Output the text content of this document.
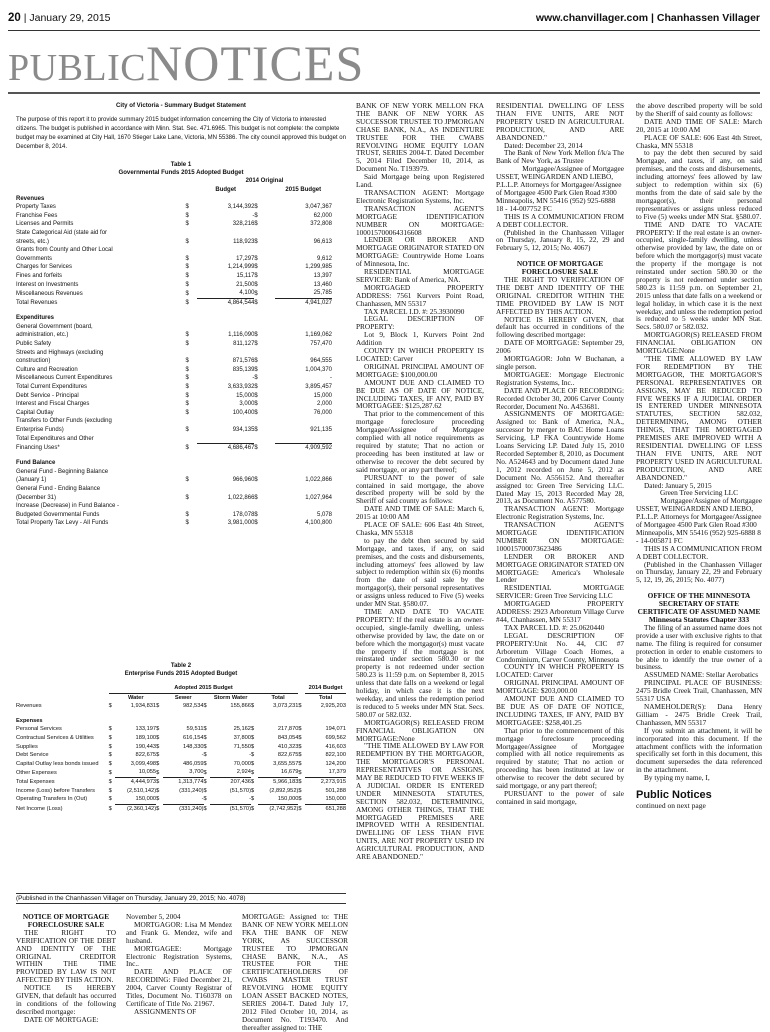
20 | January 29, 2015	www.chanvillager.com | Chanhassen Villager
PUBLICNOTICES
City of Victoria - Summary Budget Statement
The purpose of this report it to provide summary 2015 budget information concerning the City of Victoria to interested citizens. The budget is published in accordance with Minn. Stat. Sec. 471.6965. This budget is not complete: the complete budget may be examined at City Hall, 1670 Stieger Lake Lane, Victoria, MN 55386. The city council approved this budget on December 8, 2014.
Table 1
Governmental Funds 2015 Adopted Budget
		2014 Original		
		Budget		2015 Budget
Revenues				
Property Taxes	$	3,144,392	$	3,047,367
Franchise Fees	$	-	$	62,000
Licenses and Permits	$	328,216	$	372,808
State Categorical Aid (state aid for				
streets, etc.)	$	118,923	$	96,613
Grants from County and Other Local				
Governments	$	17,297	$	9,612
Charges for Services	$	1,214,999	$	1,299,985
Fines and forfeits	$	15,117	$	13,397
Interest on Investments	$	21,500	$	13,460
Miscellaneous Revenues	$	4,100	$	25,785
Total Revenues	$	4,864,544	$	4,941,027
Expenditures				
General Government (board,				
administration, etc.)	$	1,116,090	$	1,169,062
Public Safety	$	811,127	$	757,470
Streets and Highways (excluding				
construction)	$	871,576	$	964,555
Culture and Recreation	$	835,139	$	1,004,370
Miscellaneous Current Expenditures	$	-	$	-
Total Current Expenditures	$	3,633,932	$	3,895,457
Debt Service - Principal	$	15,000	$	15,000
Interest and Fiscal Charges	$	3,000	$	2,000
Capital Outlay	$	100,400	$	76,000
Transfers to Other Funds (excluding				
Enterprise Funds)	$	934,135	$	921,135
Total Expenditures and Other				
Financing Uses*	$	4,686,467	$	4,909,592
Fund Balance				
General Fund - Beginning Balance				
(January 1)	$	966,960	$	1,022,866
General Fund - Ending Balance				
(December 31)	$	1,022,866	$	1,027,964
Increase (Decrease) in Fund Balance -				
Budgeted Governmental Funds	$	178,078	$	5,078

Total Property Tax Levy - All Funds	$	3,981,000	$	4,100,800
Table 2
Enterprise Funds 2015 Adopted Budget
	Adopted 2015 Budget									2014 Budget
		Water		Sewer		Storm Water		Total		Total
Revenues	$	1,934,831	$	982,534	$	155,866	$	3,073,231	$	2,925,203
Expenses										
Personal Services	$	133,197	$	59,511	$	25,162	$	217,870	$	194,071
Contractual Services & Utilities	$	189,100	$	616,154	$	37,800	$	843,054	$	699,562
Supplies	$	190,443	$	148,330	$	71,550	$	410,323	$	416,603
Debt Service	$	822,675	$	-	$	-	$	822,675	$	822,100
Capital Outlay less bonds issued	$	3,099,498	$	486,059	$	70,000	$	3,655,557	$	124,200
Other Expenses	$	10,055	$	3,700	$	2,924	$	16,679	$	17,379
Total Expenses	$	4,444,973	$	1,313,774	$	207,436	$	5,966,183	$	2,273,915

Income (Loss) before Transfers	$	(2,510,142)	$	(331,240)	$	(51,570)	$	(2,892,952)	$	501,288

Operating Transfers In (Out)	$	150,000	$	-	$	-	$	150,000	$	150,000

Net Income (Loss)	$	(2,360,142)	$	(331,240)	$	(51,570)	$	(2,742,952)	$	651,288
(Published in the Chanhassen Villager on Thursday, January 29, 2015; No. 4078)

BANK OF NEW YORK MELLON FKA THE BANK OF NEW YORK AS SUCCESSOR TRUSTEE TO JPMORGAN CHASE BANK, N.A., AS INDENTURE TRUSTEE FOR THE CWABS REVOLVING HOME EQUITY LOAN TRUST, SERIES 2004-T. Dated December 5, 2014 Filed December 10, 2014, as Document No. T193979.

Said Mortgage being upon Registered Land.

TRANSACTION AGENT: Mortgage Electronic Registration Systems, Inc.

TRANSACTION AGENT'S MORTGAGE IDENTIFICATION NUMBER ON MORTGAGE: 100015700064316608

LENDER OR BROKER AND MORTGAGE ORIGINATOR STATED ON MORTGAGE: Countrywide Home Loans of Minnesota, Inc.

RESIDENTIAL MORTGAGE SERVICER: Bank of America, NA.

MORTGAGED PROPERTY ADDRESS: 7561 Kurvers Point Road, Chanhassen, MN 55317

TAX PARCEL I.D. #: 25.3930090

LEGAL DESCRIPTION OF PROPERTY:

Lot 9, Block 1, Kurvers Point 2nd Addition

COUNTY IN WHICH PROPERTY IS LOCATED: Carver

ORIGINAL PRINCIPAL AMOUNT OF MORTGAGE: $100,000.00

AMOUNT DUE AND CLAIMED TO BE DUE AS OF DATE OF NOTICE, INCLUDING TAXES, IF ANY, PAID BY MORTGAGEE: $125,287.62

That prior to the commencement of this mortgage foreclosure proceeding Mortgagee/Assignee of Mortgagee complied with all notice requirements as required by statute; That no action or proceeding has been instituted at law or otherwise to recover the debt secured by said mortgage, or any part thereof;

PURSUANT to the power of sale contained in said mortgage, the above described property will be sold by the Sheriff of said county as follows:

DATE AND TIME OF SALE: March 6, 2015 at 10:00 AM

PLACE OF SALE: 606 East 4th Street, Chaska, MN 55318

to pay the debt then secured by said Mortgage, and taxes, if any, on said premises, and the costs and disbursements, including attorneys' fees allowed by law subject to redemption within six (6) months from the date of said sale by the mortgagor(s), their personal representatives or assigns unless reduced to Five (5) weeks under MN Stat. §580.07.

TIME AND DATE TO VACATE PROPERTY: If the real estate is an owner-occupied, single-family dwelling, unless otherwise provided by law, the date on or before which the mortgagor(s) must vacate the property if the mortgage is not reinstated under section 580.30 or the property is not redeemed under section 580.23 is 11:59 p.m. on September 8, 2015 unless that date falls on a weekend or legal holiday, in which case it is the next weekday, and unless the redemption period is reduced to 5 weeks under MN Stat. Secs. 580.07 or 582.032.

MORTGAGOR(S) RELEASED FROM FINANCIAL OBLIGATION ON MORTGAGE:None

"THE TIME ALLOWED BY LAW FOR REDEMPTION BY THE MORTGAGOR, THE MORTGAGOR'S PERSONAL REPRESENTATIVES OR ASSIGNS, MAY BE REDUCED TO FIVE WEEKS IF A JUDICIAL ORDER IS ENTERED UNDER MINNESOTA STATUTES, SECTION 582.032, DETERMINING, AMONG OTHER THINGS, THAT THE MORTGAGED PREMISES ARE IMPROVED WITH A RESIDENTIAL DWELLING OF LESS THAN FIVE UNITS, ARE NOT PROPERTY USED IN AGRICULTURAL PRODUCTION, AND ARE ABANDONED."

RESIDENTIAL DWELLING OF LESS THAN FIVE UNITS, ARE NOT PROPERTY USED IN AGRICULTURAL PRODUCTION, AND ARE ABANDONED."

Dated: December 23, 2014

The Bank of New York Mellon f/k/a The Bank of New York, as Trustee

Mortgagee/Assignee of Mortgagee

USSET, WEINGARDEN AND LIEBO, P.L.L.P. Attorneys for Mortgagee/Assignee of Mortgagee 4500 Park Glen Road #300 Minneapolis, MN 55416 (952) 925-6888 18 - 14-007752 FC

THIS IS A COMMUNICATION FROM A DEBT COLLECTOR.

(Published in the Chanhassen Villager on Thursday, January 8, 15, 22, 29 and February 5, 12, 2015; No. 4067)

NOTICE OF MORTGAGE FORECLOSURE SALE

THE RIGHT TO VERIFICATION OF THE DEBT AND IDENTITY OF THE ORIGINAL CREDITOR WITHIN THE TIME PROVIDED BY LAW IS NOT AFFECTED BY THIS ACTION.

NOTICE IS HEREBY GIVEN, that default has occurred in conditions of the following described mortgage:

DATE OF MORTGAGE: September 29, 2006

MORTGAGOR: John W Buchanan, a single person.

MORTGAGEE: Mortgage Electronic Registration Systems, Inc..

DATE AND PLACE OF RECORDING: Recorded October 30, 2006 Carver County Recorder, Document No. A453681.

ASSIGNMENTS OF MORTGAGE: Assigned to: Bank of America, N.A., successor by merger to BAC Home Loans Servicing, LP FKA Countrywide Home Loans Servicing LP. Dated July 15, 2010 Recorded September 8, 2010, as Document No. A524643 and by Document dated June 1, 2012 recorded on June 5, 2012 as Document No. A556152. And thereafter assigned to: Green Tree Servicing LLC. Dated May 15, 2013 Recorded May 28, 2013, as Document No. A577580.

TRANSACTION AGENT: Mortgage Electronic Registration Systems, Inc.

TRANSACTION AGENT'S MORTGAGE IDENTIFICATION NUMBER ON MORTGAGE: 100015700073623486

LENDER OR BROKER AND MORTGAGE ORIGINATOR STATED ON MORTGAGE: America's Wholesale Lender

RESIDENTIAL MORTGAGE SERVICER: Green Tree Servicing LLC

MORTGAGED PROPERTY ADDRESS: 2923 Arboretum Village Curve #44, Chanhassen, MN 55317

TAX PARCEL I.D. #: 25.0620440

LEGAL DESCRIPTION OF PROPERTY:Unit No. 44, CIC #7 Arboretum Village Coach Homes, a Condominium, Carver County, Minnesota

COUNTY IN WHICH PROPERTY IS LOCATED: Carver

ORIGINAL PRINCIPAL AMOUNT OF MORTGAGE: $203,000.00

AMOUNT DUE AND CLAIMED TO BE DUE AS OF DATE OF NOTICE, INCLUDING TAXES, IF ANY, PAID BY MORTGAGEE: $258,401.25

That prior to the commencement of this mortgage foreclosure proceeding Mortgagee/Assignee of Mortgagee complied with all notice requirements as required by statute; That no action or proceeding has been instituted at law or otherwise to recover the debt secured by said mortgage, or any part thereof;

PURSUANT to the power of sale contained in said mortgage,

the above described property will be sold by the Sheriff of said county as follows:

DATE AND TIME OF SALE: March 20, 2015 at 10:00 AM

PLACE OF SALE: 606 East 4th Street, Chaska, MN 55318

to pay the debt then secured by said Mortgage, and taxes, if any, on said premises, and the costs and disbursements, including attorneys' fees allowed by law subject to redemption within six (6) months from the date of said sale by the mortgagor(s), their personal representatives or assigns unless reduced to Five (5) weeks under MN Stat. §580.07.

TIME AND DATE TO VACATE PROPERTY: If the real estate is an owner-occupied, single-family dwelling, unless otherwise provided by law, the date on or before which the mortgagor(s) must vacate the property if the mortgage is not reinstated under section 580.30 or the property is not redeemed under section 580.23 is 11:59 p.m. on September 21, 2015 unless that date falls on a weekend or legal holiday, in which case it is the next weekday, and unless the redemption period is reduced to 5 weeks under MN Stat. Secs. 580.07 or 582.032.

MORTGAGOR(S) RELEASED FROM FINANCIAL OBLIGATION ON MORTGAGE:None

"THE TIME ALLOWED BY LAW FOR REDEMPTION BY THE MORTGAGOR, THE MORTGAGOR'S PERSONAL REPRESENTATIVES OR ASSIGNS, MAY BE REDUCED TO FIVE WEEKS IF A JUDICIAL ORDER IS ENTERED UNDER MINNESOTA STATUTES, SECTION 582.032, DETERMINING, AMONG OTHER THINGS, THAT THE MORTGAGED PREMISES ARE IMPROVED WITH A RESIDENTIAL DWELLING OF LESS THAN FIVE UNITS, ARE NOT PROPERTY USED IN AGRICULTURAL PRODUCTION, AND ARE ABANDONED."

Dated: January 5, 2015

Green Tree Servicing LLC

Mortgagee/Assignee of Mortgagee

USSET, WEINGARDEN AND LIEBO, P.L.L.P. Attorneys for Mortgagee/Assignee of Mortgagee 4500 Park Glen Road #300 Minneapolis, MN 55416 (952) 925-6888 8 - 14-005871 FC

THIS IS A COMMUNICATION FROM A DEBT COLLECTOR.

(Published in the Chanhassen Villager on Thursday, January 22, 29 and February 5, 12, 19, 26, 2015; No. 4077)

OFFICE OF THE MINNESOTA SECRETARY OF STATE CERTIFICATE OF ASSUMED NAME

Minnesota Statutes Chapter 333

The filing of an assumed name does not provide a user with exclusive rights to that name. The filing is required for consumer protection in order to enable customers to be able to identify the true owner of a business.

ASSUMED NAME: Stellar Aerobatics

PRINCIPAL PLACE OF BUSINESS: 2475 Bridle Creek Trail, Chanhassen, MN 55317 USA

NAMEHOLDER(S): Dana Henry Gilliam - 2475 Bridle Creek Trail, Chanhassen, MN 55317

If you submit an attachment, it will be incorporated into this document. If the attachment conflicts with the information specifically set forth in this document, this document supersedes the data referenced in the attachment.

By typing my name, I,

Public Notices

continued on next page

NOTICE OF MORTGAGE FORECLOSURE SALE

THE RIGHT TO VERIFICATION OF THE DEBT AND IDENTITY OF THE ORIGINAL CREDITOR WITHIN THE TIME PROVIDED BY LAW IS NOT AFFECTED BY THIS ACTION.

NOTICE IS HEREBY GIVEN, that default has occurred in conditions of the following described mortgage:

DATE OF MORTGAGE:

November 5, 2004

MORTGAGOR: Lisa M Mendez and Frank G. Mendez, wife and husband.

MORTGAGEE: Mortgage Electronic Registration Systems, Inc..

DATE AND PLACE OF RECORDING: Filed December 21, 2004, Carver County Registrar of Titles, Document No. T160378 on Certificate of Title No. 21967.

ASSIGNMENTS OF

MORTGAGE: Assigned to: THE BANK OF NEW YORK MELLON FKA THE BANK OF NEW YORK, AS SUCCESSOR TRUSTEE TO JPMORGAN CHASE BANK, N.A., AS TRUSTEE FOR THE CERTIFICATEHOLDERS OF CWABS MASTER TRUST REVOLVING HOME EQUITY LOAN ASSET BACKED NOTES, SERIES 2004-T. Dated July 17, 2012 Filed October 10, 2014, as Document No. T193470. And thereafter assigned to: THE
